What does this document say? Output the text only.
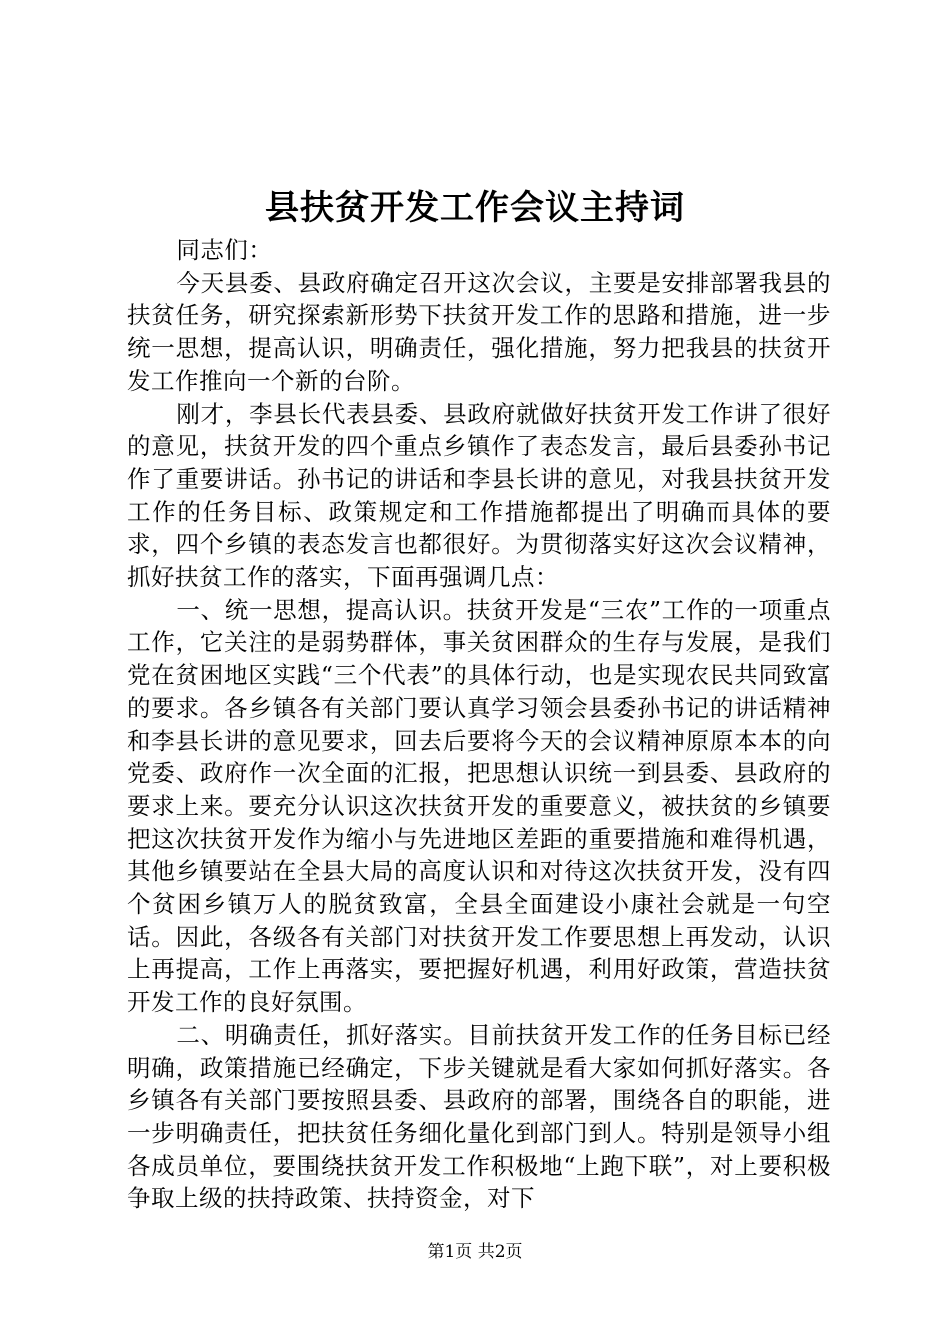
县扶贫开发工作会议主持词

同志们：

今天县委、县政府确定召开这次会议，主要是安排部署我县的扶贫任务，研究探索新形势下扶贫开发工作的思路和措施，进一步统一思想，提高认识，明确责任，强化措施，努力把我县的扶贫开发工作推向一个新的台阶。

刚才，李县长代表县委、县政府就做好扶贫开发工作讲了很好的意见，扶贫开发的四个重点乡镇作了表态发言，最后县委孙书记作了重要讲话。孙书记的讲话和李县长讲的意见，对我县扶贫开发工作的任务目标、政策规定和工作措施都提出了明确而具体的要求，四个乡镇的表态发言也都很好。为贯彻落实好这次会议精神，抓好扶贫工作的落实，下面再强调几点：

一、统一思想，提高认识。扶贫开发是“三农”工作的一项重点工作，它关注的是弱势群体，事关贫困群众的生存与发展，是我们党在贫困地区实践“三个代表”的具体行动，也是实现农民共同致富的要求。各乡镇各有关部门要认真学习领会县委孙书记的讲话精神和李县长讲的意见要求，回去后要将今天的会议精神原原本本的向党委、政府作一次全面的汇报，把思想认识统一到县委、县政府的要求上来。要充分认识这次扶贫开发的重要意义，被扶贫的乡镇要把这次扶贫开发作为缩小与先进地区差距的重要措施和难得机遇，其他乡镇要站在全县大局的高度认识和对待这次扶贫开发，没有四个贫困乡镇万人的脱贫致富，全县全面建设小康社会就是一句空话。因此，各级各有关部门对扶贫开发工作要思想上再发动，认识上再提高，工作上再落实，要把握好机遇，利用好政策，营造扶贫开发工作的良好氛围。

二、明确责任，抓好落实。目前扶贫开发工作的任务目标已经明确，政策措施已经确定，下步关键就是看大家如何抓好落实。各乡镇各有关部门要按照县委、县政府的部署，围绕各自的职能，进一步明确责任，把扶贫任务细化量化到部门到人。特别是领导小组各成员单位，要围绕扶贫开发工作积极地“上跑下联”，对上要积极争取上级的扶持政策、扶持资金，对下

第1页 共2页
